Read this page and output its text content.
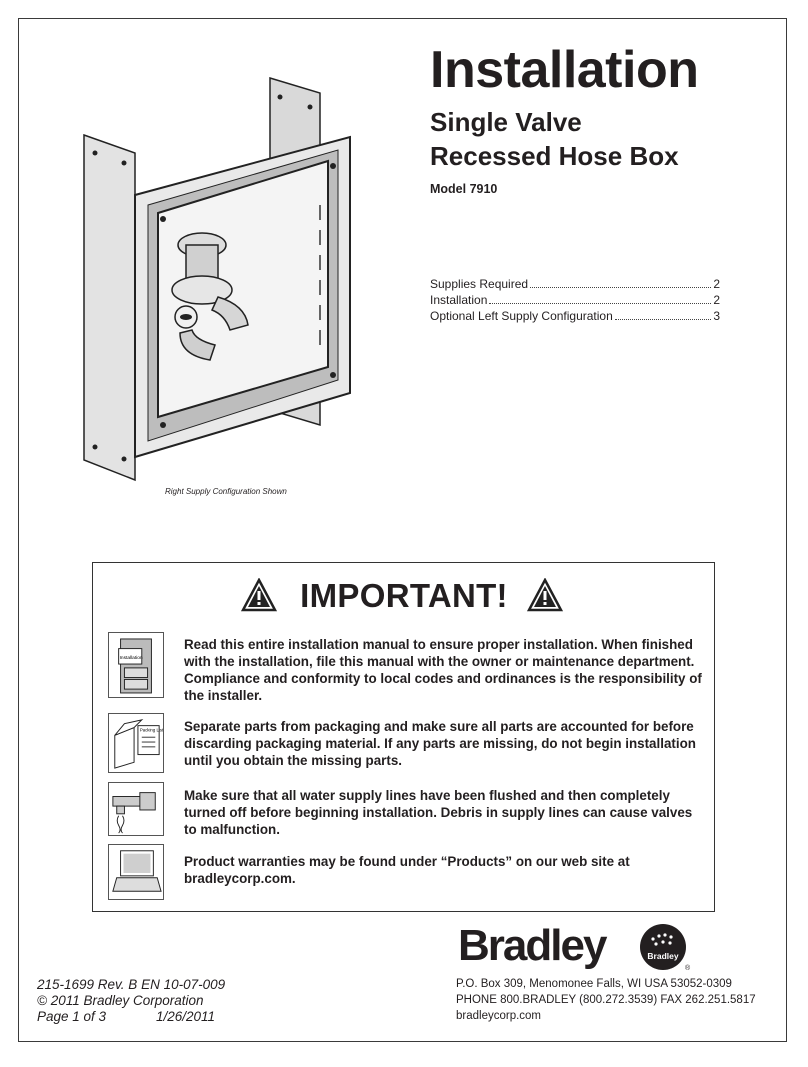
Installation
Single Valve
Recessed Hose Box
Model 7910
Supplies Required	2
Installation	2
Optional Left Supply Configuration	3
Right Supply Configuration Shown
IMPORTANT!
Installation
Read this entire installation manual to ensure proper installation. When finished with the installation, file this manual with the owner or maintenance department. Compliance and conformity to local codes and ordinances is the responsibility of the installer.
Packing List Separate parts from packaging and make sure all parts are accounted for before discarding packaging material. If any parts are missing, do not begin installation until you obtain the missing parts.
Make sure that all water supply lines have been flushed and then completely turned off before beginning installation. Debris in supply lines can cause valves to malfunction.
Product warranties may be found under “Products” on our web site at bradleycorp.com.
Bradley	Bradley
®
215-1699 Rev. B EN 10-07-009
© 2011 Bradley Corporation
Page 1 of 3	1/26/2011
P.O. Box 309, Menomonee Falls, WI USA 53052-0309
PHONE 800.BRADLEY (800.272.3539) FAX 262.251.5817
bradleycorp.com
